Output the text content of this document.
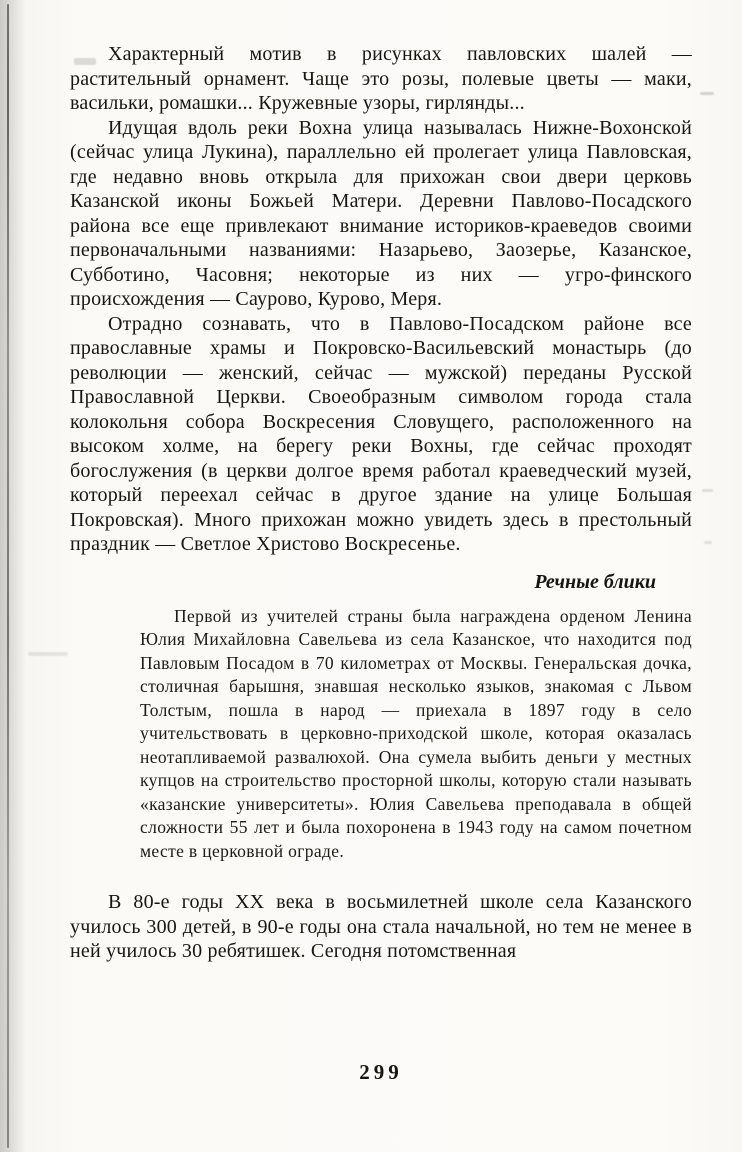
Характерный мотив в рисунках павловских шалей — растительный орнамент. Чаще это розы, полевые цветы — маки, васильки, ромашки... Кружевные узоры, гирлянды...

Идущая вдоль реки Вохна улица называлась Нижне-Вохонской (сейчас улица Лукина), параллельно ей пролегает улица Павловская, где недавно вновь открыла для прихожан свои двери церковь Казанской иконы Божьей Матери. Деревни Павлово-Посадского района все еще привлекают внимание историков-краеведов своими первоначальными названиями: Назарьево, Заозерье, Казанское, Субботино, Часовня; некоторые из них — угро-финского происхождения — Саурово, Курово, Меря.

Отрадно сознавать, что в Павлово-Посадском районе все православные храмы и Покровско-Васильевский монастырь (до революции — женский, сейчас — мужской) переданы Русской Православной Церкви. Своеобразным символом города стала колокольня собора Воскресения Словущего, расположенного на высоком холме, на берегу реки Вохны, где сейчас проходят богослужения (в церкви долгое время работал краеведческий музей, который переехал сейчас в другое здание на улице Большая Покровская). Много прихожан можно увидеть здесь в престольный праздник — Светлое Христово Воскресенье.

Речные блики

Первой из учителей страны была награждена орденом Ленина Юлия Михайловна Савельева из села Казанское, что находится под Павловым Посадом в 70 километрах от Москвы. Генеральская дочка, столичная барышня, знавшая несколько языков, знакомая с Львом Толстым, пошла в народ — приехала в 1897 году в село учительствовать в церковно-приходской школе, которая оказалась неотапливаемой развалюхой. Она сумела выбить деньги у местных купцов на строительство просторной школы, которую стали называть «казанские университеты». Юлия Савельева преподавала в общей сложности 55 лет и была похоронена в 1943 году на самом почетном месте в церковной ограде.

В 80-е годы XX века в восьмилетней школе села Казанского училось 300 детей, в 90-е годы она стала начальной, но тем не менее в ней училось 30 ребятишек. Сегодня потомственная

299
